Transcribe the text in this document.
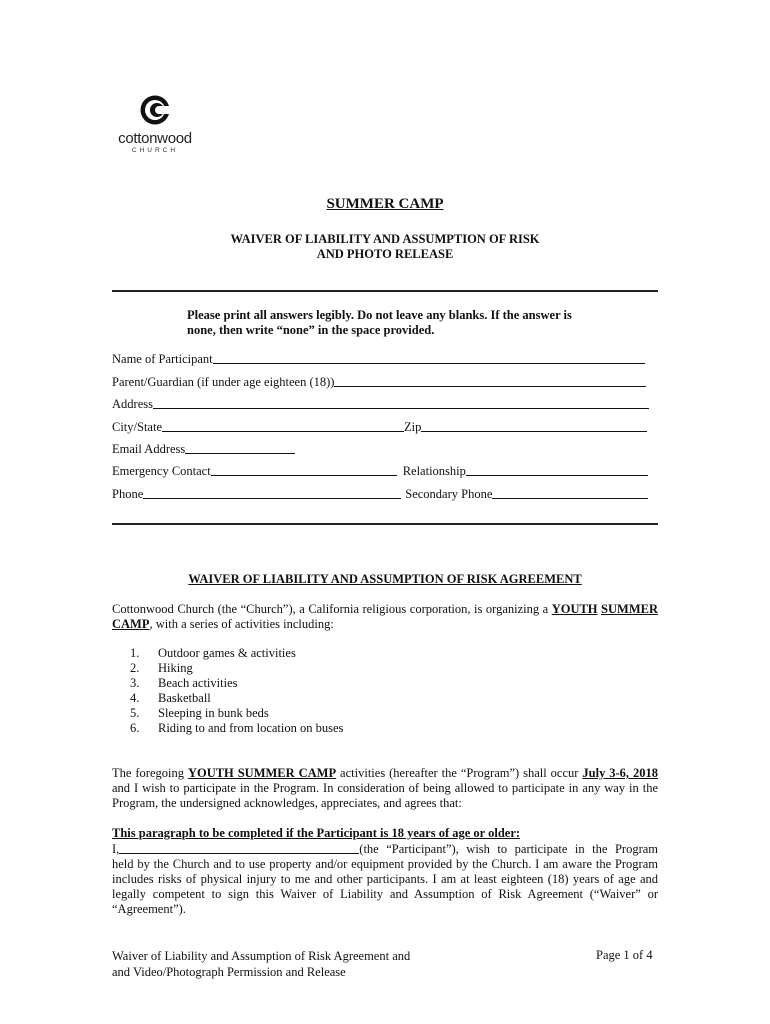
cottonwood
CHURCH
SUMMER CAMP
WAIVER OF LIABILITY AND ASSUMPTION OF RISK
AND PHOTO RELEASE
Please print all answers legibly. Do not leave any blanks. If the answer is
none, then write “none” in the space provided.
Name of Participant
Parent/Guardian (if under age eighteen (18))
Address
City/State	Zip
Email Address
Emergency Contact	Relationship
Phone	Secondary Phone
WAIVER OF LIABILITY AND ASSUMPTION OF RISK AGREEMENT
Cottonwood Church (the “Church”), a California religious corporation, is organizing a YOUTH SUMMER CAMP, with a series of activities including:
1.	Outdoor games & activities
2.	Hiking
3.	Beach activities
4.	Basketball
5.	Sleeping in bunk beds
6.	Riding to and from location on buses
The foregoing YOUTH SUMMER CAMP activities (hereafter the “Program”) shall occur July 3-6, 2018 and I wish to participate in the Program. In consideration of being allowed to participate in any way in the Program, the undersigned acknowledges, appreciates, and agrees that:
This paragraph to be completed if the Participant is 18 years of age or older:
I,	(the “Participant”), wish to participate in the Program
held by the Church and to use property and/or equipment provided by the Church. I am aware the Program includes risks of physical injury to me and other participants. I am at least eighteen (18) years of age and legally competent to sign this Waiver of Liability and Assumption of Risk Agreement (“Waiver” or “Agreement”).
Waiver of Liability and Assumption of Risk Agreement and
and Video/Photograph Permission and Release
Page 1 of 4
